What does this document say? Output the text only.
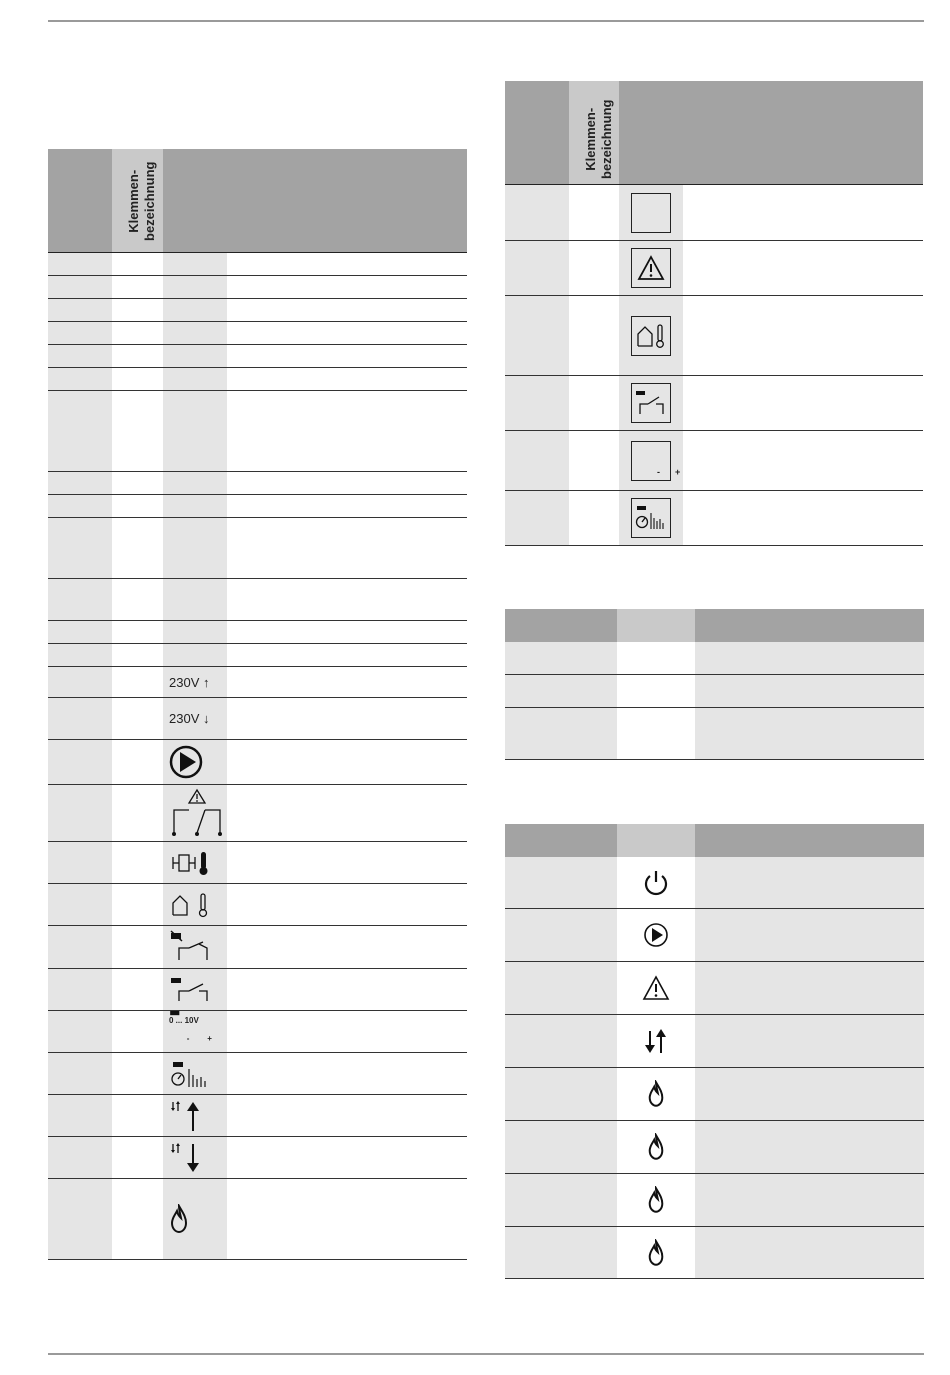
Klemmen-
bezeichnung
230V ↑
230V ↓
0 ... 10V

- +

Klemmen-
bezeichnung

- +
